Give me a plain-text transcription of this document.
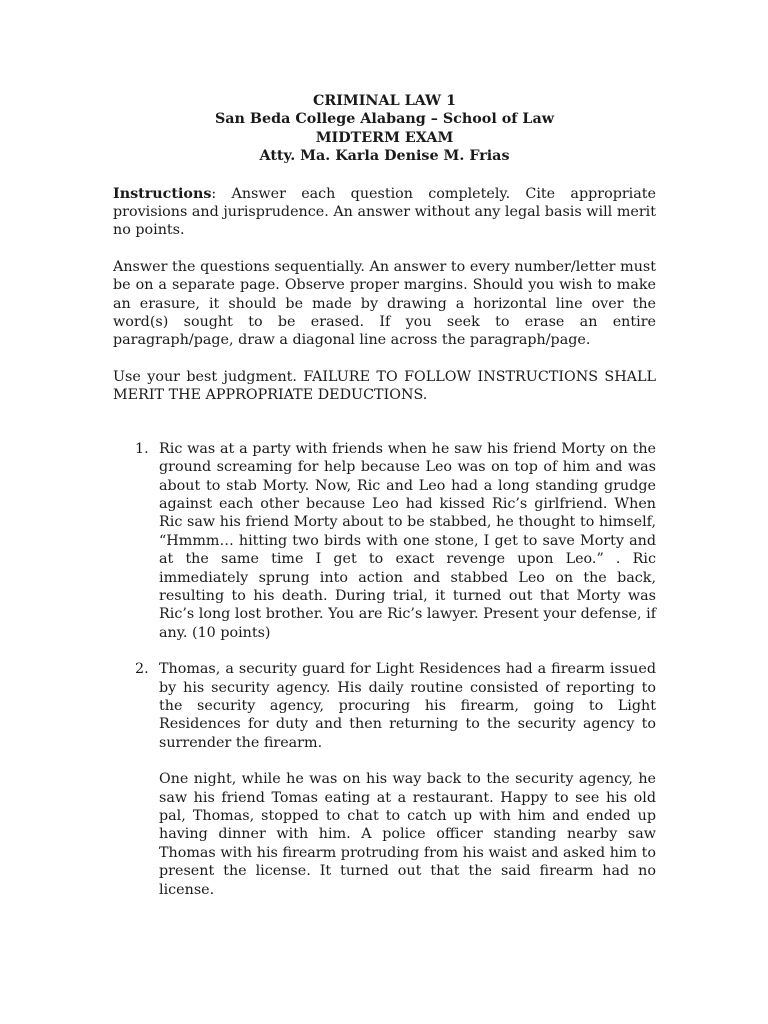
CRIMINAL LAW 1
San Beda College Alabang – School of Law
MIDTERM EXAM
Atty. Ma. Karla Denise M. Frias
Instructions: Answer each question completely. Cite appropriate provisions and jurisprudence. An answer without any legal basis will merit no points.
Answer the questions sequentially. An answer to every number/letter must be on a separate page. Observe proper margins. Should you wish to make an erasure, it should be made by drawing a horizontal line over the word(s) sought to be erased. If you seek to erase an entire paragraph/page, draw a diagonal line across the paragraph/page.
Use your best judgment. FAILURE TO FOLLOW INSTRUCTIONS SHALL MERIT THE APPROPRIATE DEDUCTIONS.
1. Ric was at a party with friends when he saw his friend Morty on the ground screaming for help because Leo was on top of him and was about to stab Morty. Now, Ric and Leo had a long standing grudge against each other because Leo had kissed Ric’s girlfriend. When Ric saw his friend Morty about to be stabbed, he thought to himself, “Hmmm… hitting two birds with one stone, I get to save Morty and at the same time I get to exact revenge upon Leo.” . Ric immediately sprung into action and stabbed Leo on the back, resulting to his death. During trial, it turned out that Morty was Ric’s long lost brother. You are Ric’s lawyer. Present your defense, if any. (10 points)
2. Thomas, a security guard for Light Residences had a firearm issued by his security agency. His daily routine consisted of reporting to the security agency, procuring his firearm, going to Light Residences for duty and then returning to the security agency to surrender the firearm.
One night, while he was on his way back to the security agency, he saw his friend Tomas eating at a restaurant. Happy to see his old pal, Thomas, stopped to chat to catch up with him and ended up having dinner with him. A police officer standing nearby saw Thomas with his firearm protruding from his waist and asked him to present the license. It turned out that the said firearm had no license.
